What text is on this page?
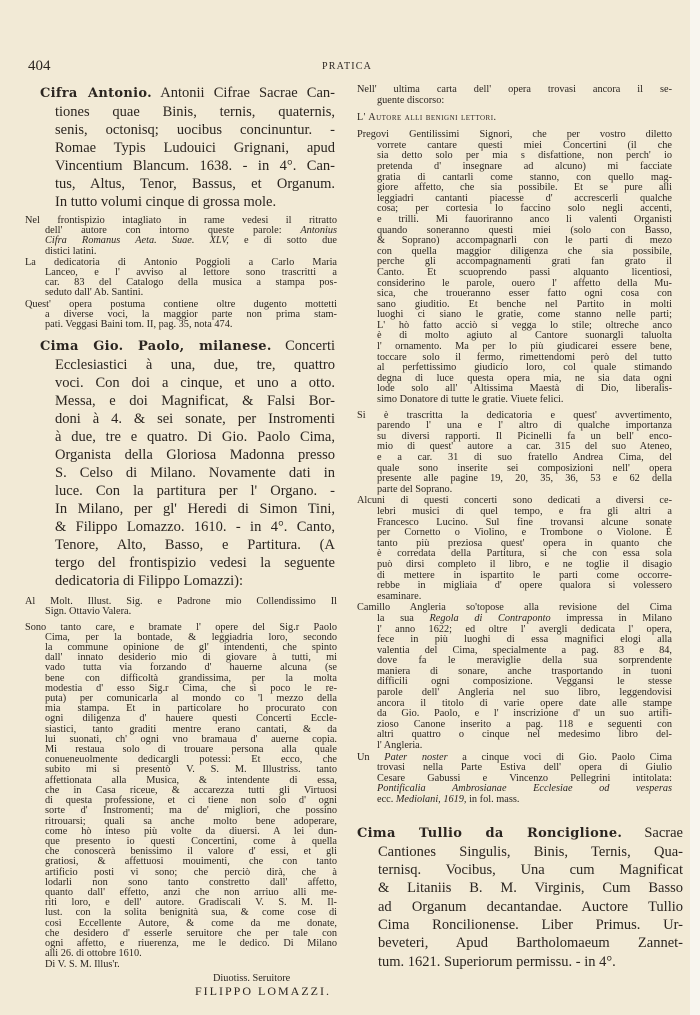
404	PRATICA
Cifra Antonio. Antonii Cifrae Sacrae Can-
tiones quae Binis, ternis, quaternis,
senis, octonisq; uocibus concinuntur. -
Romae Typis Ludouici Grignani, apud
Vincentium Blancum. 1638. - in 4°. Can-
tus, Altus, Tenor, Bassus, et Organum.
In tutto volumi cinque di grossa mole.
Nel frontispizio intagliato in rame vedesi il ritratto
dell' autore con intorno queste parole: Antonius
Cifra Romanus Aeta. Suae. XLV, e di sotto due
distici latini.
La dedicatoria di Antonio Poggioli a Carlo Maria
Lanceo, e l' avviso al lettore sono trascritti a
car. 83 del Catalogo della musica a stampa pos-
seduto dall' Ab. Santini.
Quest' opera postuma contiene oltre dugento mottetti
a diverse voci, la maggior parte non prima stam-
pati. Veggasi Baini tom. II, pag. 35, nota 474.
Cima Gio. Paolo, milanese. Concerti
Ecclesiastici à una, due, tre, quattro
voci. Con doi a cinque, et uno a otto.
Messa, e doi Magnificat, & Falsi Bor-
doni à 4. & sei sonate, per Instromenti
à due, tre e quatro. Di Gio. Paolo Cima,
Organista della Gloriosa Madonna presso
S. Celso di Milano. Novamente dati in
luce. Con la partitura per l' Organo. -
In Milano, per gl' Heredi di Simon Tini,
& Filippo Lomazzo. 1610. - in 4°. Canto,
Tenore, Alto, Basso, e Partitura. (A
tergo del frontispizio vedesi la seguente
dedicatoria di Filippo Lomazzi):
Al Molt. Illust. Sig. e Padrone mio Collendissimo Il
Sign. Ottavio Valera.
Sono tanto care, e bramate l' opere del Sig.r Paolo
Cima, per la bontade, & leggiadria loro, secondo
la commune opinione de gl' intendenti, che spinto
dall' innato desiderio mio di giovare à tutti, mi
vado tutta via forzando d' hauerne alcuna (se
bene con difficoltà grandissima, per la molta
modestia d' esso Sig.r Cima, che si poco le re-
puta) per comunicarla al mondo co 'l mezzo della
mia stampa. Et in particolare ho procurato con
ogni diligenza d' hauere questi Concerti Eccle-
siastici, tanto graditi mentre erano cantati, & da
lui suonati, ch' ogni vno bramaua d' auerne copia.
Mi restaua solo di trouare persona alla quale
conueneuolmente dedicargli potessi: Et ecco, che
subito mi si presentò V. S. M. Illustriss. tanto
affettionata alla Musica, & intendente di essa,
che in Casa riceue, & accarezza tutti gli Virtuosi
di questa professione, et ci tiene non solo d' ogni
sorte d' Instromenti; ma de' migliori, che possino
ritrouarsi; quali sa anche molto bene adoperare,
come hò inteso più volte da diuersi. A lei dun-
que presento io questi Concertini, come à quella
che conoscerà benissimo il valore d' essi, et gli
gratiosi, & affettuosi mouimenti, che con tanto
artificio posti vi sono; che perciò dirà, che à
lodarli non sono tanto constretto dall' affetto,
quanto dall' effetto, anzi che non arriuo alli me-
riti loro, e dell' autore. Gradiscali V. S. M. Il-
lust. con la solita benignità sua, & come cose di
così Eccellente Autore, & come da me donate,
che desidero d' esserle seruitore che per tale con
ogni affetto, e riuerenza, me le dedico. Di Milano
alli 26. di ottobre 1610.
Di V. S. M. Illus'r.
Diuotiss. Seruitore
FILIPPO LOMAZZI.
Nell' ultima carta dell' opera trovasi ancora il se-
guente discorso:
L' Autore alli benigni lettori.
Pregovi Gentilissimi Signori, che per vostro diletto
vorrete cantare questi miei Concertini (il che
sia detto solo per mia s disfattione, non perch' io
pretenda d' insegnare ad alcuno) mi facciate
gratia di cantarli come stanno, con quello mag-
giore affetto, che sia possibile. Et se pure alli
leggiadri cantanti piacesse d' accrescerli qualche
cosa; per cortesia lo faccino solo negli accenti,
e trilli. Mi fauoriranno anco li valenti Organisti
quando soneranno questi miei (solo con Basso,
& Soprano) accompagnarli con le parti di mezo
con quella maggior diligenza che sia possibile,
perche gli accompagnamenti grati fan grato il
Canto. Et scuoprendo passi alquanto licentiosi,
considerino le parole, ouero l' affetto della Mu-
sica, che troueranno esser fatto ogni cosa con
sano giuditio. Et benche nel Partito in molti
luoghi ci siano le gratie, come stanno nelle parti;
L' hò fatto acciò si vegga lo stile; oltreche anco
è di molto agiuto al Cantore suonargli taluolta
l' ornamento. Ma per lo più giudicarei essere bene,
toccare solo il fermo, rimettendomi però del tutto
al perfettissimo giudicio loro, col quale stimando
degna di luce questa opera mia, ne sia data ogni
lode solo all' Altissima Maestà di Dio, liberalis-
simo Donatore di tutte le gratie. Viuete felici.
Si è trascritta la dedicatoria e quest' avvertimento,
parendo l' una e l' altro di qualche importanza
su diversi rapporti. Il Picinelli fa un bell' enco-
mio di quest' autore a car. 315 del suo Ateneo,
e a car. 31 di suo fratello Andrea Cima, del
quale sono inserite sei composizioni nell' opera
presente alle pagine 19, 20, 35, 36, 53 e 62 della
parte del Soprano.
Alcuni di questi concerti sono dedicati a diversi ce-
lebri musici di quel tempo, e fra gli altri a
Francesco Lucino. Sul fine trovansi alcune sonate
per Cornetto o Violino, e Trombone o Violone. È
tanto più preziosa quest' opera in quanto che
è corredata della Partitura, si che con essa sola
può dirsi completo il libro, e ne toglie il disagio
di mettere in ispartito le parti come occorre-
rebbe in migliaia d' opere qualora si volessero
esaminare.
Camillo Angleria so'topose alla revisione del Cima
la sua Regola di Contraponto impressa in Milano
l' anno 1622; ed oltre l' avergli dedicata l' opera,
fece in più luoghi di essa magnifici elogi alla
valentia del Cima, specialmente a pag. 83 e 84,
dove fa le meraviglie della sua sorprendente
maniera di sonare, anche trasportando in tuoni
difficili ogni composizione. Veggansi le stesse
parole dell' Angleria nel suo libro, leggendovisi
ancora il titolo di varie opere date alle stampe
da Gio. Paolo, e l' inscrizione d' un suo artifi-
zioso Canone inserito a pag. 118 e seguenti con
altri quattro o cinque nel medesimo libro del-
l' Angleria.
Un Pater noster a cinque voci di Gio. Paolo Cima
trovasi nella Parte Estiva dell' opera di Giulio
Cesare Gabussi e Vincenzo Pellegrini intitolata:
Pontificalia Ambrosianae Ecclesiae od vesperas
ecc. Mediolani, 1619, in fol. mass.
Cima Tullio da Ronciglione. Sacrae
Cantiones Singulis, Binis, Ternis, Qua-
ternisq. Vocibus, Una cum Magnificat
& Litaniis B. M. Virginis, Cum Basso
ad Organum decantandae. Auctore Tullio
Cima Roncilionense. Liber Primus. Ur-
beveteri, Apud Bartholomaeum Zannet-
tum. 1621. Superiorum permissu. - in 4°.
